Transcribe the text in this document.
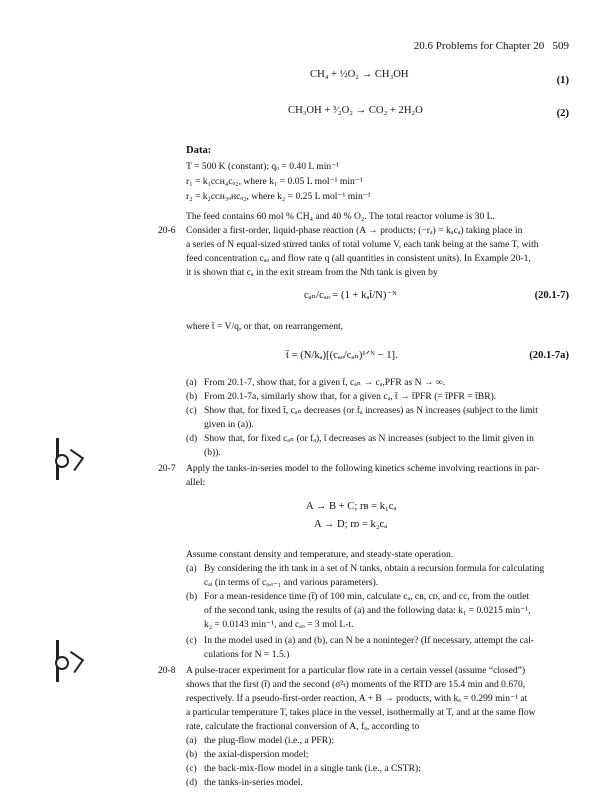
20.6 Problems for Chapter 20 509
CH₄ + ½O₂ → CH₃OH
(1)
CH₃OH + ³⁄₂O₂ → CO₂ + 2H₂O	(2)
Data:
T = 500 K (constant); qₒ = 0.40 L min⁻¹
r₁ = k₁cᴄʜ₄cₒ₂, where k₁ = 0.05 L mol⁻¹ min⁻¹
r₂ = k₂cᴄʜ₃ₒʜcₒ₂, where k₂ = 0.25 L mol⁻¹ min⁻¹
The feed contains 60 mol % CH₄ and 40 % O₂. The total reactor volume is 30 L.
20-6	Consider a first-order, liquid-phase reaction (A → products; (−rₐ) = kₐcₐ) taking place in
a series of N equal-sized stirred tanks of total volume V, each tank being at the same T, with
feed concentration cₐₒ and flow rate q (all quantities in consistent units). In Example 20-1,
it is shown that cₐ in the exit stream from the Nth tank is given by
cₐₙ/cₐₒ = (1 + kₐt̄/N)⁻ᴺ	(20.1-7)
where t̄ = V/q, or that, on rearrangement,
t̄ = (N/kₐ)[(cₐₒ/cₐₙ)¹ᐟᴺ − 1].	(20.1-7a)
(a) From 20.1-7, show that, for a given t̄, cₐₙ → cₐ,PFR as N → ∞.
(b) From 20.1-7a, similarly show that, for a given cₐ, t̄ → t̄PFR (= t̄PFR = t̄BR).
(c) Show that, for fixed t̄, cₐₙ decreases (or fₐ increases) as N increases (subject to the limit
given in (a)).
(d) Show that, for fixed cₐₙ (or fₐ), t̄ decreases as N increases (subject to the limit given in
(b)).
20-7	Apply the tanks-in-series model to the following kinetics scheme involving reactions in par-
allel:
A → B + C; rʙ = k₁cₐ
A → D; rᴅ = k₂cₐ
Assume constant density and temperature, and steady-state operation.
(a) By considering the ith tank in a set of N tanks, obtain a recursion formula for calculating
cₐᵢ (in terms of cₐ,ᵢ₋₁ and various parameters).
(b) For a mean-residence time (t̄) of 100 min, calculate cₐ, cʙ, cᴅ, and cc, from the outlet
of the second tank, using the results of (a) and the following data: k₁ = 0.0215 min⁻¹,
k₂ = 0.0143 min⁻¹, and cₐₒ = 3 mol L-t.
(c) In the model used in (a) and (b), can N be a noninteger? (If necessary, attempt the cal-
culations for N = 1.5.)
20-8	A pulse-tracer experiment for a particular flow rate in a certain vessel (assume “closed”)
shows that the first (t̄) and the second (σ²ₜ) moments of the RTD are 15.4 min and 0.670,
respectively. If a pseudo-first-order reaction, A + B → products, with kₐ = 0.299 min⁻¹ at
a particular temperature T, takes place in the vessel, isothermally at T, and at the same flow
rate, calculate the fractional conversion of A, fₐ, according to
(a) the plug-flow model (i.e., a PFR);
(b) the axial-dispersion model;
(c) the back-mix-flow model in a single tank (i.e., a CSTR);
(d) the tanks-in-series model.
